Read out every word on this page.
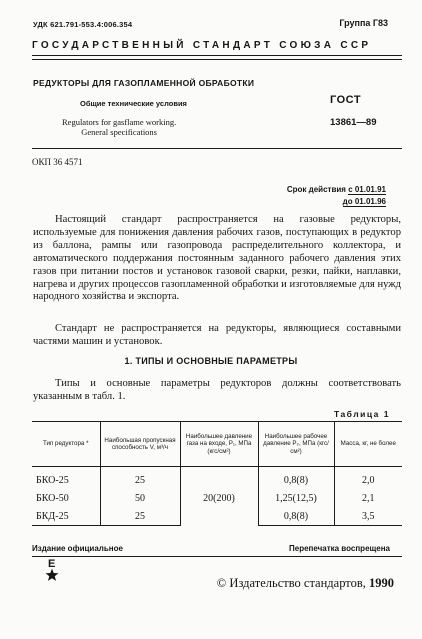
УДК 621.791-553.4:006.354	Группа Г83
ГОСУДАРСТВЕННЫЙ СТАНДАРТ СОЮЗА ССР
РЕДУКТОРЫ ДЛЯ ГАЗОПЛАМЕННОЙ ОБРАБОТКИ
Общие технические условия
Regulators for gasflame working.
General specifications
ГОСТ
13861—89
ОКП 36 4571
Срок действия с 01.01.91
до 01.01.96

Настоящий стандарт распространяется на газовые редукторы, используемые для понижения давления рабочих газов, поступающих в редуктор из баллона, рампы или газопровода распределительного коллектора, и автоматического поддержания постоянным заданного рабочего давления этих газов при питании постов и установок газовой сварки, резки, пайки, наплавки, нагрева и других процессов газопламенной обработки и изготовляемые для нужд народного хозяйства и экспорта.

Стандарт не распространяется на редукторы, являющиеся составными частями машин и установок.

1. ТИПЫ И ОСНОВНЫЕ ПАРАМЕТРЫ

Типы и основные параметры редукторов должны соответствовать указанным в табл. 1.

Таблица 1
Тип редуктора *	Наибольшая пропускная способность V, м³/ч	Наибольшее давление газа на входе, P₁, МПа (кгс/см²)	Наибольшее рабочее давление P₂, МПа (кгс/см²)	Масса, кг, не более
БКО-25	25	20(200)	0,8(8)	2,0
БКО-50	50		1,25(12,5)	2,1
БКД-25	25		0,8(8)	3,5
Издание официальное	Перепечатка воспрещена
Е
© Издательство стандартов, 1990
